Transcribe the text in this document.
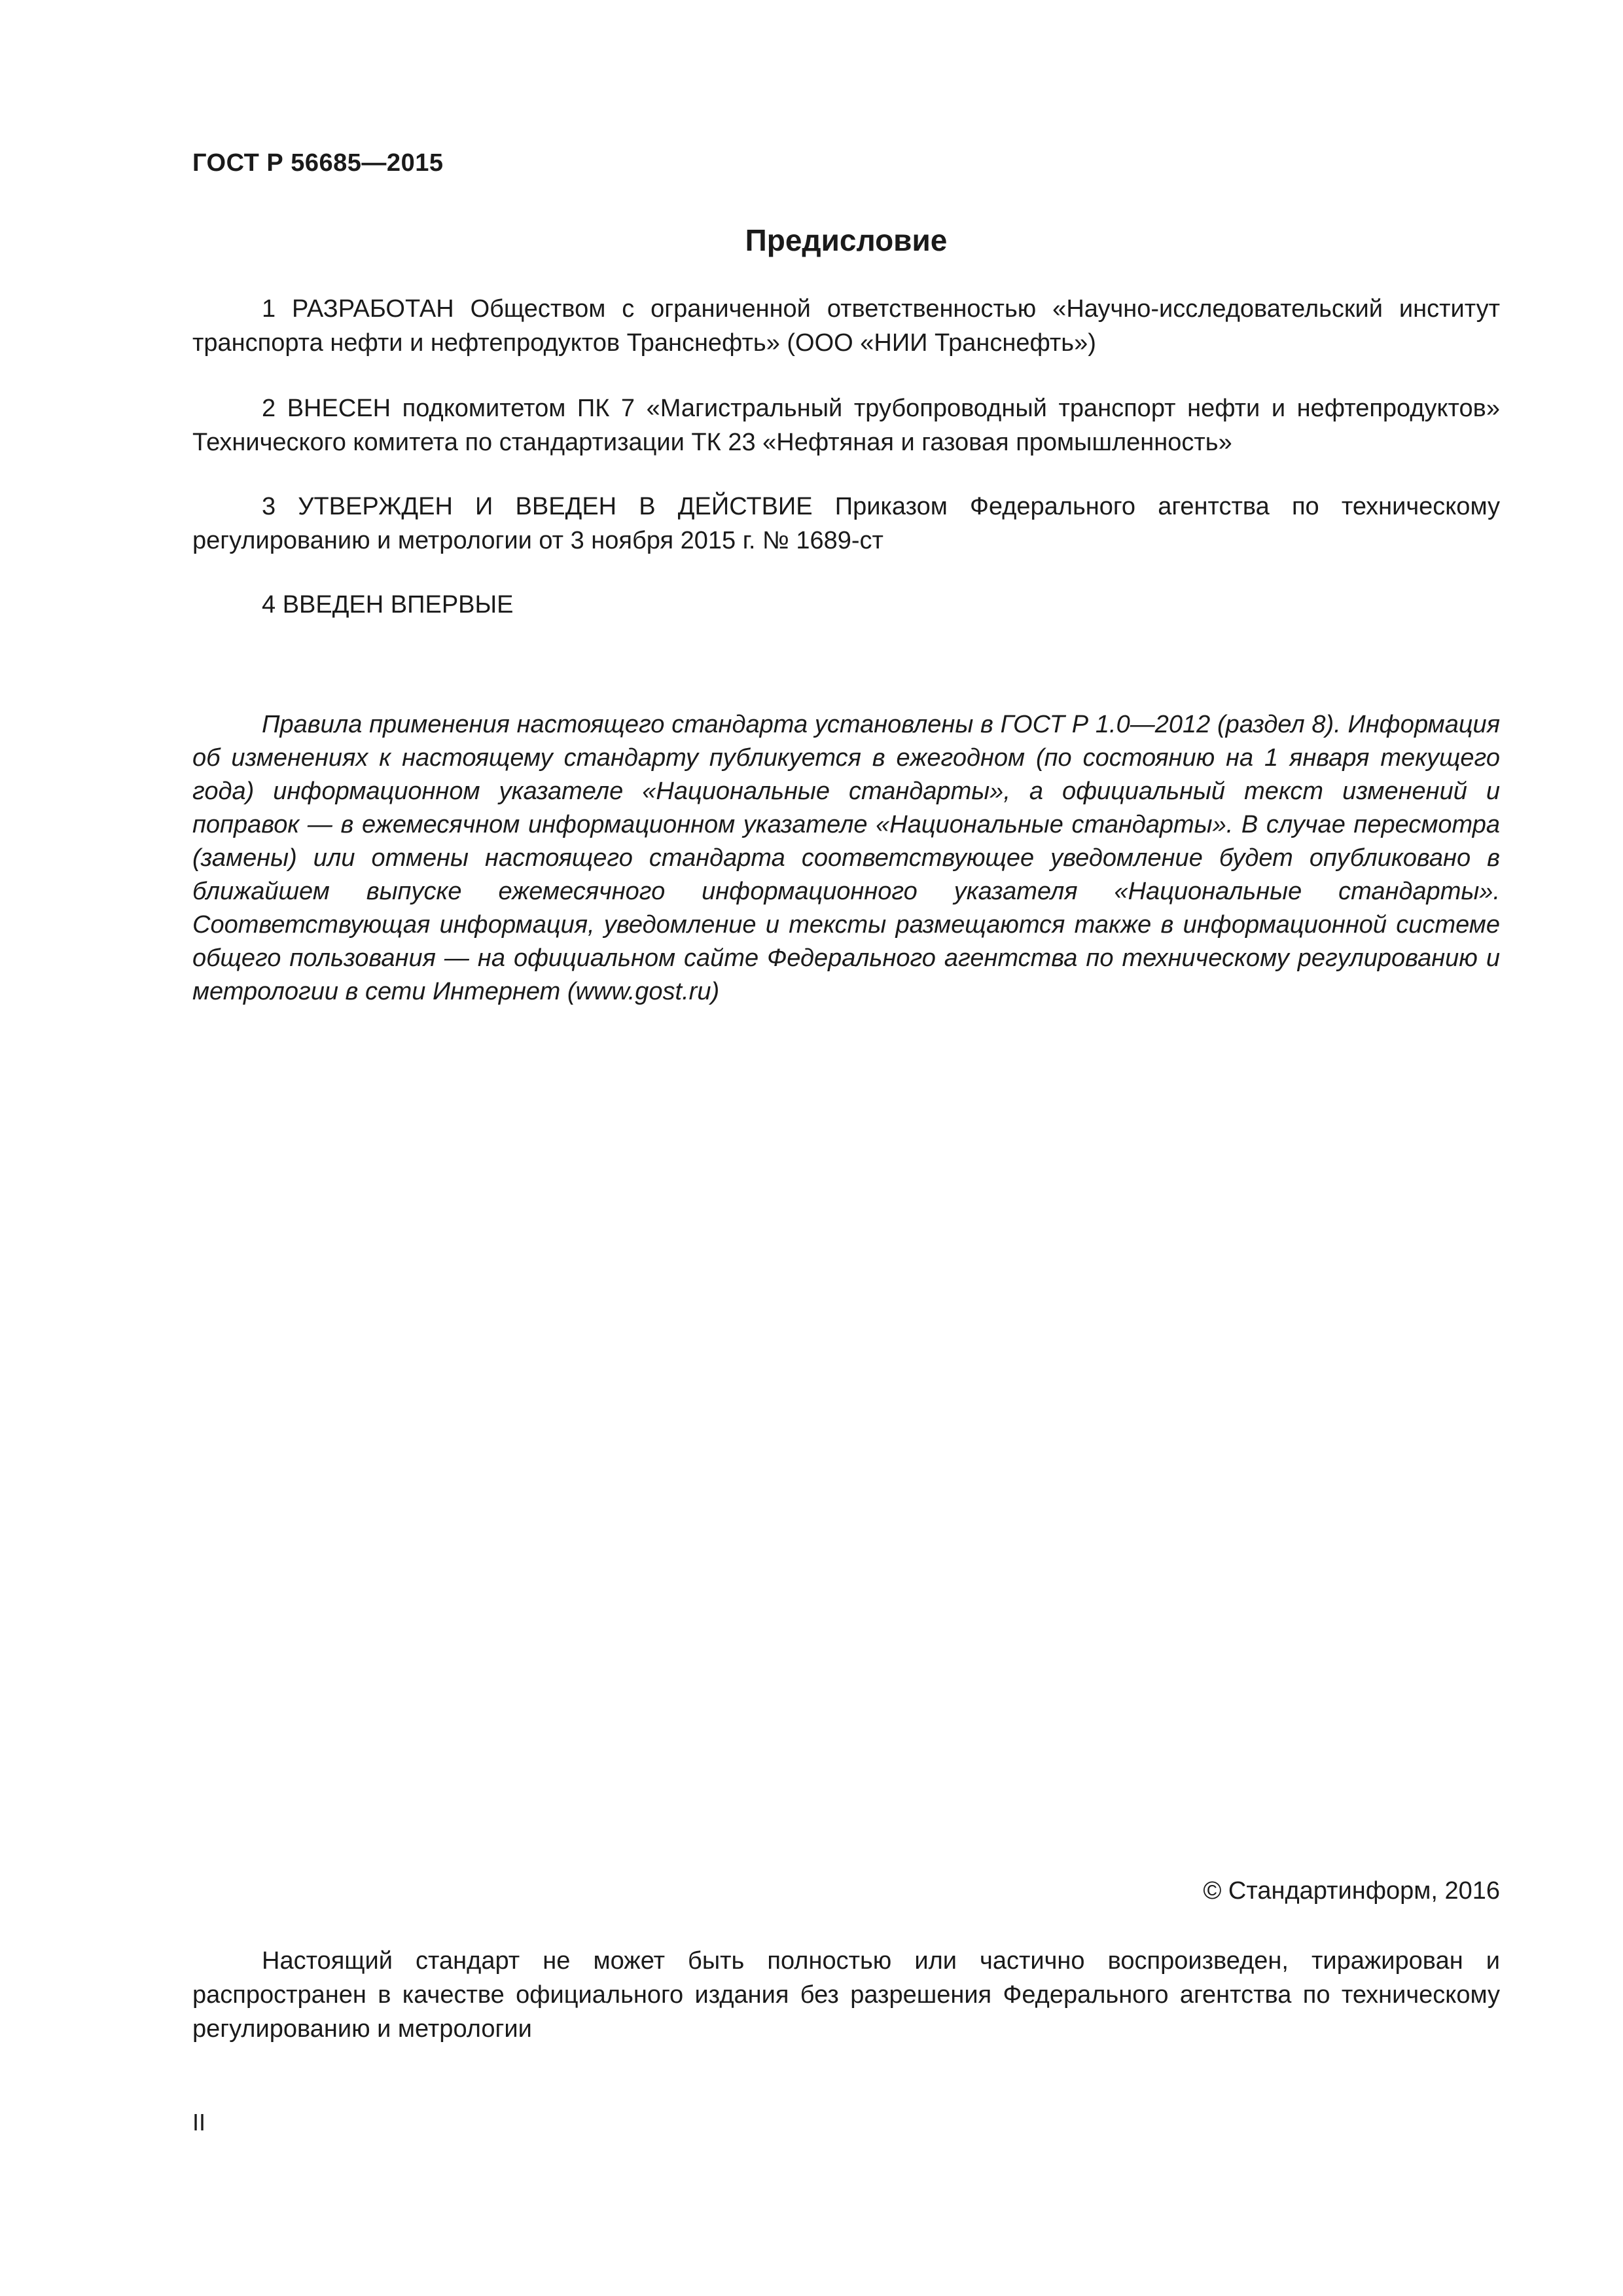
ГОСТ Р 56685—2015
Предисловие

1 РАЗРАБОТАН Обществом с ограниченной ответственностью «Научно-исследовательский институт транспорта нефти и нефтепродуктов Транснефть» (ООО «НИИ Транснефть»)

2 ВНЕСЕН подкомитетом ПК 7 «Магистральный трубопроводный транспорт нефти и нефтепродуктов» Технического комитета по стандартизации ТК 23 «Нефтяная и газовая промышленность»

3 УТВЕРЖДЕН И ВВЕДЕН В ДЕЙСТВИЕ Приказом Федерального агентства по техническому регулированию и метрологии от 3 ноября 2015 г. № 1689-ст

4 ВВЕДЕН ВПЕРВЫЕ

Правила применения настоящего стандарта установлены в ГОСТ Р 1.0—2012 (раздел 8). Информация об изменениях к настоящему стандарту публикуется в ежегодном (по состоянию на 1 января текущего года) информационном указателе «Национальные стандарты», а официальный текст изменений и поправок — в ежемесячном информационном указателе «Национальные стандарты». В случае пересмотра (замены) или отмены настоящего стандарта соответствующее уведомление будет опубликовано в ближайшем выпуске ежемесячного информационного указателя «Национальные стандарты». Соответствующая информация, уведомление и тексты размещаются также в информационной системе общего пользования — на официальном сайте Федерального агентства по техническому регулированию и метрологии в сети Интернет (www.gost.ru)

© Стандартинформ, 2016

Настоящий стандарт не может быть полностью или частично воспроизведен, тиражирован и распространен в качестве официального издания без разрешения Федерального агентства по техническому регулированию и метрологии

II
